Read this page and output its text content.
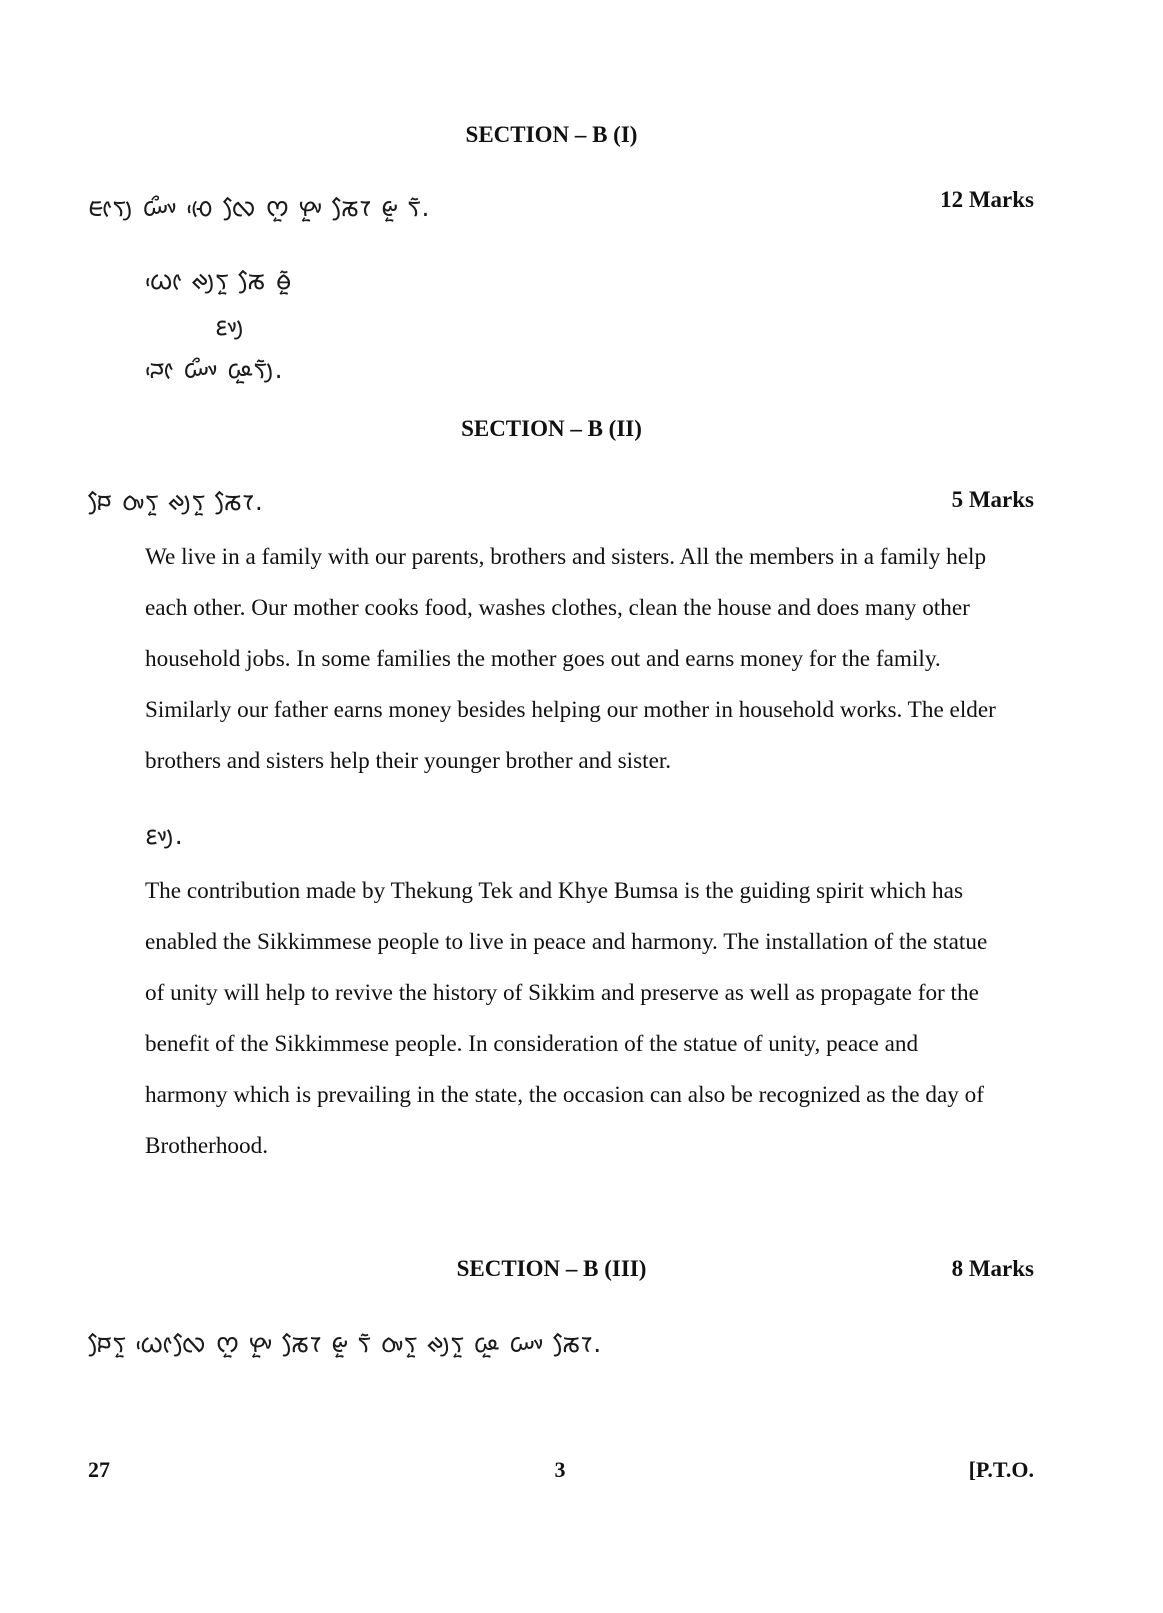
SECTION – B (I)
ᰀᰦᰛᰪ ᰠᰤᰰ ᰆᰨᰵ ᰜᰧ ᰔᰬ ᰋᰤᰬ ᰕᰧᰅ ᰡᰬ ᰛᰶ.	12 Marks
ᰃᰦᰵ ᰊᰪᰛᰬ ᰕᰧ ᰟᰬᰶ
ᰚᰤᰪ
ᰎᰦᰵ ᰠᰤᰰ ᰘᰬᰛᰪᰶ.
SECTION – B (II)
ᰐᰧ ᰓᰤᰛᰬ ᰊᰪᰛᰬ ᰕᰧᰅ.	5 Marks

We live in a family with our parents, brothers and sisters. All the members in a family help each other. Our mother cooks food, washes clothes, clean the house and does many other household jobs. In some families the mother goes out and earns money for the family. Similarly our father earns money besides helping our mother in household works. The elder brothers and sisters help their younger brother and sister.

ᰚᰤᰪ.

The contribution made by Thekung Tek and Khye Bumsa is the guiding spirit which has enabled the Sikkimmese people to live in peace and harmony. The installation of the statue of unity will help to revive the history of Sikkim and preserve as well as propagate for the benefit of the Sikkimmese people. In consideration of the statue of unity, peace and harmony which is prevailing in the state, the occasion can also be recognized as the day of Brotherhood.

SECTION – B (III)	8 Marks
ᰐᰧᰛᰬ ᰃᰦᰵᰜᰧ ᰔᰬ ᰋᰤᰬ ᰕᰧᰅ ᰡᰬ ᰛᰶ ᰓᰤᰛᰬ ᰊᰪᰛᰬ ᰘᰬ ᰠᰤ ᰕᰧᰅ.
27	3	[P.T.O.
